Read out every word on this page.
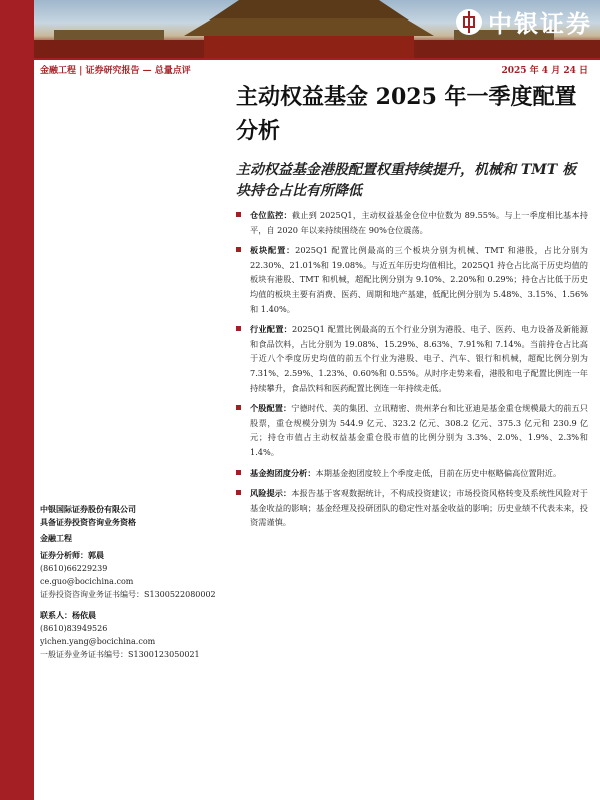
中银证券
金融工程 | 证券研究报告 — 总量点评	2025 年 4 月 24 日
主动权益基金 2025 年一季度配置分析
主动权益基金港股配置权重持续提升，机械和 TMT 板块持仓占比有所降低
仓位监控：截止到 2025Q1，主动权益基金仓位中位数为 89.55%。与上一季度相比基本持平，自 2020 年以来持续围绕在 90%仓位震荡。
板块配置：2025Q1 配置比例最高的三个板块分别为机械、TMT 和港股，占比分别为 22.30%、21.01%和 19.08%。与近五年历史均值相比，2025Q1 持仓占比高于历史均值的板块有港股、TMT 和机械，超配比例分别为 9.10%、2.20%和 0.29%；持仓占比低于历史均值的板块主要有消费、医药、周期和地产基建，低配比例分别为 5.48%、3.15%、1.56%和 1.40%。
行业配置：2025Q1 配置比例最高的五个行业分别为港股、电子、医药、电力设备及新能源和食品饮料，占比分别为 19.08%、15.29%、8.63%、7.91%和 7.14%。当前持仓占比高于近八个季度历史均值的前五个行业为港股、电子、汽车、银行和机械，超配比例分别为 7.31%、2.59%、1.23%、0.60%和 0.55%。从时序走势来看，港股和电子配置比例连一年持续攀升，食品饮料和医药配置比例连一年持续走低。
个股配置：宁德时代、美的集团、立讯精密、贵州茅台和比亚迪是基金重仓规模最大的前五只股票，重仓规模分别为 544.9 亿元、323.2 亿元、308.2 亿元、375.3 亿元和 230.9 亿元；持仓市值占主动权益基金重仓股市值的比例分别为 3.3%、2.0%、1.9%、2.3%和 1.4%。
基金抱团度分析：本期基金抱团度较上个季度走低，目前在历史中枢略偏高位置附近。
风险提示：本报告基于客观数据统计，不构成投资建议；市场投资风格转变及系统性风险对于基金收益的影响；基金经理及投研团队的稳定性对基金收益的影响；历史业绩不代表未来，投资需谨慎。

中银国际证券股份有限公司

具备证券投资咨询业务资格

金融工程

证券分析师：郭晨

(8610)66229239

ce.guo@bocichina.com

证券投资咨询业务证书编号：S1300522080002

联系人：杨依晨

(8610)83949526

yichen.yang@bocichina.com

一般证券业务证书编号：S1300123050021
